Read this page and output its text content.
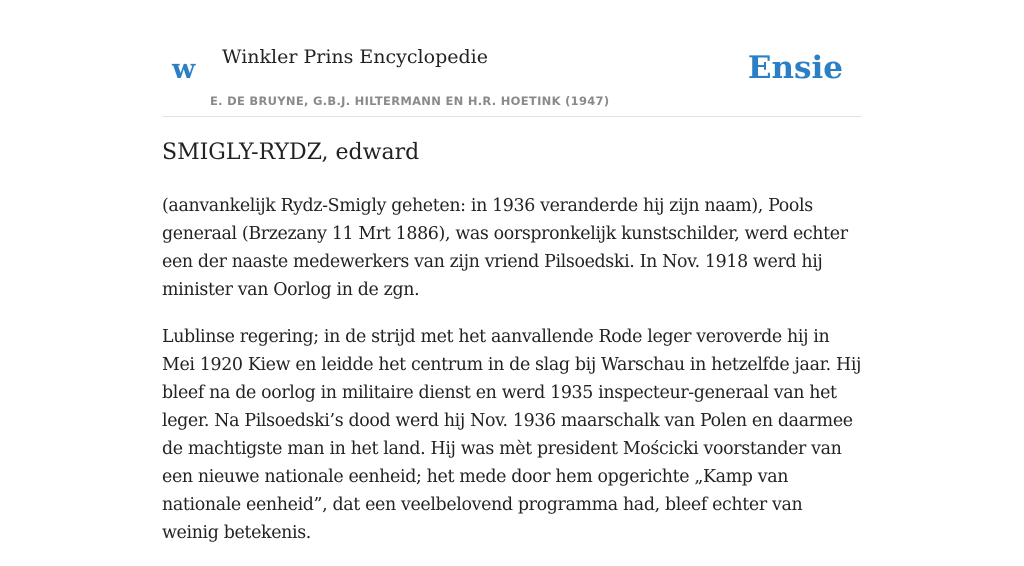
w Winkler Prins Encyclopedie
E. DE BRUYNE, G.B.J. HILTERMANN EN H.R. HOETINK (1947)
Ensie
SMIGLY-RYDZ, edward

(aanvankelijk Rydz-Smigly geheten: in 1936 veranderde hij zijn naam), Pools generaal (Brzezany 11 Mrt 1886), was oorspronkelijk kunstschilder, werd echter een der naaste medewerkers van zijn vriend Pilsoedski. In Nov. 1918 werd hij minister van Oorlog in de zgn.

Lublinse regering; in de strijd met het aanvallende Rode leger veroverde hij in Mei 1920 Kiew en leidde het centrum in de slag bij Warschau in hetzelfde jaar. Hij bleef na de oorlog in militaire dienst en werd 1935 inspecteur-generaal van het leger. Na Pilsoedski’s dood werd hij Nov. 1936 maarschalk van Polen en daarmee de machtigste man in het land. Hij was mèt president Mościcki voorstander van een nieuwe nationale eenheid; het mede door hem opgerichte „Kamp van nationale eenheid”, dat een veelbelovend programma had, bleef echter van weinig betekenis.
